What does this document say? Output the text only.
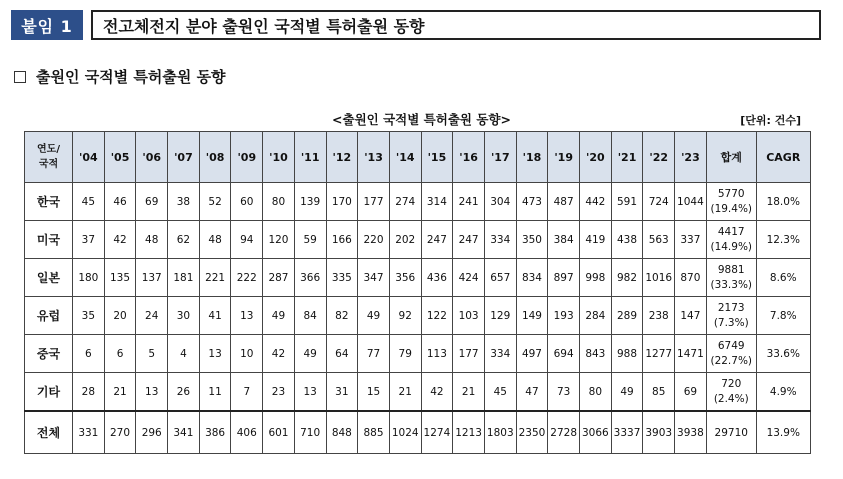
붙임 1	전고체전지 분야 출원인 국적별 특허출원 동향
출원인 국적별 특허출원 동향
<출원인 국적별 특허출원 동향>	[단위: 건수]
연도/
국적	'04	'05	'06	'07	'08	'09	'10	'11	'12	'13	'14	'15	'16	'17	'18	'19	'20	'21	'22	'23	합계	CAGR
한국	45	46	69	38	52	60	80	139	170	177	274	314	241	304	473	487	442	591	724	1044	5770
(19.4%)	18.0%
미국	37	42	48	62	48	94	120	59	166	220	202	247	247	334	350	384	419	438	563	337	4417
(14.9%)	12.3%
일본	180	135	137	181	221	222	287	366	335	347	356	436	424	657	834	897	998	982	1016	870	9881
(33.3%)	8.6%
유럽	35	20	24	30	41	13	49	84	82	49	92	122	103	129	149	193	284	289	238	147	2173
(7.3%)	7.8%
중국	6	6	5	4	13	10	42	49	64	77	79	113	177	334	497	694	843	988	1277	1471	6749
(22.7%)	33.6%
기타	28	21	13	26	11	7	23	13	31	15	21	42	21	45	47	73	80	49	85	69	720
(2.4%)	4.9%
전체	331	270	296	341	386	406	601	710	848	885	1024	1274	1213	1803	2350	2728	3066	3337	3903	3938	29710	13.9%
